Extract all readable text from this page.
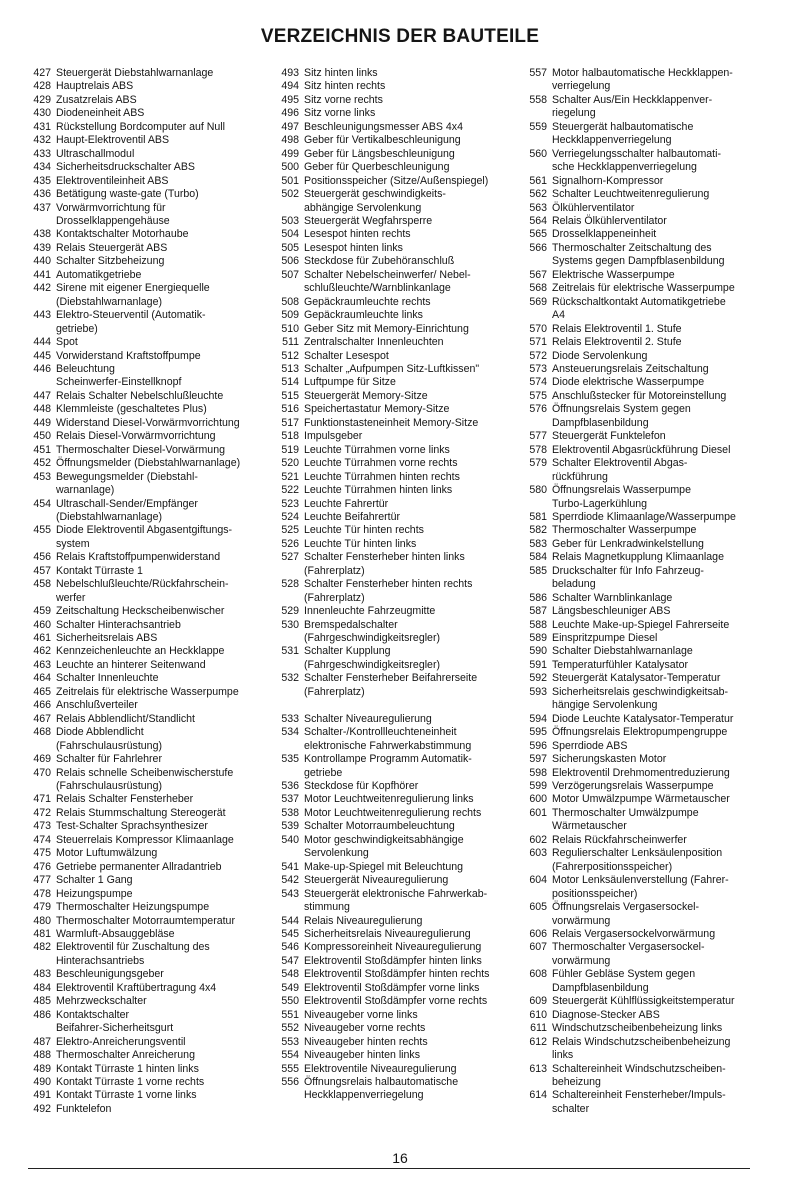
VERZEICHNIS DER BAUTEILE
427 Steuergerät Diebstahlwarnanlage
428 Hauptrelais ABS
429 Zusatzrelais ABS
430 Diodeneinheit ABS
431 Rückstellung Bordcomputer auf Null
432 Haupt-Elektroventil ABS
433 Ultraschallmodul
434 Sicherheitsdruckschalter ABS
435 Elektroventileinheit ABS
436 Betätigung waste-gate (Turbo)
437 Vorwärmvorrichtung für
Drosselklappengehäuse
438 Kontaktschalter Motorhaube
439 Relais Steuergerät ABS
440 Schalter Sitzbeheizung
441 Automatikgetriebe
442 Sirene mit eigener Energiequelle
(Diebstahlwarnanlage)
443 Elektro-Steuerventil (Automatik-
getriebe)
444 Spot
445 Vorwiderstand Kraftstoffpumpe
446 Beleuchtung
Scheinwerfer-Einstellknopf
447 Relais Schalter Nebelschlußleuchte
448 Klemmleiste (geschaltetes Plus)
449 Widerstand Diesel-Vorwärmvorrichtung
450 Relais Diesel-Vorwärmvorrichtung
451 Thermoschalter Diesel-Vorwärmung
452 Öffnungsmelder (Diebstahlwarnanlage)
453 Bewegungsmelder (Diebstahl-
warnanlage)
454 Ultraschall-Sender/Empfänger
(Diebstahlwarnanlage)
455 Diode Elektroventil Abgasentgiftungs-
system
456 Relais Kraftstoffpumpenwiderstand
457 Kontakt Türraste 1
458 Nebelschlußleuchte/Rückfahrschein-
werfer
459 Zeitschaltung Heckscheibenwischer
460 Schalter Hinterachsantrieb
461 Sicherheitsrelais ABS
462 Kennzeichenleuchte an Heckklappe
463 Leuchte an hinterer Seitenwand
464 Schalter Innenleuchte
465 Zeitrelais für elektrische Wasserpumpe
466 Anschlußverteiler
467 Relais Abblendlicht/Standlicht
468 Diode Abblendlicht
(Fahrschulausrüstung)
469 Schalter für Fahrlehrer
470 Relais schnelle Scheibenwischerstufe
(Fahrschulausrüstung)
471 Relais Schalter Fensterheber
472 Relais Stummschaltung Stereogerät
473 Test-Schalter Sprachsynthesizer
474 Steuerrelais Kompressor Klimaanlage
475 Motor Luftumwälzung
476 Getriebe permanenter Allradantrieb
477 Schalter 1 Gang
478 Heizungspumpe
479 Thermoschalter Heizungspumpe
480 Thermoschalter Motorraumtemperatur
481 Warmluft-Absauggebläse
482 Elektroventil für Zuschaltung des
Hinterachsantriebs
483 Beschleunigungsgeber
484 Elektroventil Kraftübertragung 4x4
485 Mehrzweckschalter
486 Kontaktschalter
Beifahrer-Sicherheitsgurt
487 Elektro-Anreicherungsventil
488 Thermoschalter Anreicherung
489 Kontakt Türraste 1 hinten links
490 Kontakt Türraste 1 vorne rechts
491 Kontakt Türraste 1 vorne links
492 Funktelefon
493 Sitz hinten links
494 Sitz hinten rechts
495 Sitz vorne rechts
496 Sitz vorne links
497 Beschleunigungsmesser ABS 4x4
498 Geber für Vertikalbeschleunigung
499 Geber für Längsbeschleunigung
500 Geber für Querbeschleunigung
501 Positionsspeicher (Sitze/Außenspiegel)
502 Steuergerät geschwindigkeits-
abhängige Servolenkung
503 Steuergerät Wegfahrsperre
504 Lesespot hinten rechts
505 Lesespot hinten links
506 Steckdose für Zubehöranschluß
507 Schalter Nebelscheinwerfer/ Nebel-
schlußleuchte/Warnblinkanlage
508 Gepäckraumleuchte rechts
509 Gepäckraumleuchte links
510 Geber Sitz mit Memory-Einrichtung
511 Zentralschalter Innenleuchten
512 Schalter Lesespot
513 Schalter „Aufpumpen Sitz-Luftkissen"
514 Luftpumpe für Sitze
515 Steuergerät Memory-Sitze
516 Speichertastatur Memory-Sitze
517 Funktionstasteneinheit Memory-Sitze
518 Impulsgeber
519 Leuchte Türrahmen vorne links
520 Leuchte Türrahmen vorne rechts
521 Leuchte Türrahmen hinten rechts
522 Leuchte Türrahmen hinten links
523 Leuchte Fahrertür
524 Leuchte Beifahrertür
525 Leuchte Tür hinten rechts
526 Leuchte Tür hinten links
527 Schalter Fensterheber hinten links
(Fahrerplatz)
528 Schalter Fensterheber hinten rechts
(Fahrerplatz)
529 Innenleuchte Fahrzeugmitte
530 Bremspedalschalter
(Fahrgeschwindigkeitsregler)
531 Schalter Kupplung
(Fahrgeschwindigkeitsregler)
532 Schalter Fensterheber Beifahrerseite
(Fahrerplatz)

533 Schalter Niveauregulierung
534 Schalter-/Kontrollleuchteneinheit
elektronische Fahrwerkabstimmung
535 Kontrollampe Programm Automatik-
getriebe
536 Steckdose für Kopfhörer
537 Motor Leuchtweitenregulierung links
538 Motor Leuchtweitenregulierung rechts
539 Schalter Motorraumbeleuchtung
540 Motor geschwindigkeitsabhängige
Servolenkung
541 Make-up-Spiegel mit Beleuchtung
542 Steuergerät Niveauregulierung
543 Steuergerät elektronische Fahrwerkab-
stimmung
544 Relais Niveauregulierung
545 Sicherheitsrelais Niveauregulierung
546 Kompressoreinheit Niveauregulierung
547 Elektroventil Stoßdämpfer hinten links
548 Elektroventil Stoßdämpfer hinten rechts
549 Elektroventil Stoßdämpfer vorne links
550 Elektroventil Stoßdämpfer vorne rechts
551 Niveaugeber vorne links
552 Niveaugeber vorne rechts
553 Niveaugeber hinten rechts
554 Niveaugeber hinten links
555 Elektroventile Niveauregulierung
556 Öffnungsrelais halbautomatische
Heckklappenverriegelung
557 Motor halbautomatische Heckklappen-
verriegelung
558 Schalter Aus/Ein Heckklappenver-
riegelung
559 Steuergerät halbautomatische
Heckklappenverriegelung
560 Verriegelungsschalter halbautomati-
sche Heckklappenverriegelung
561 Signalhorn-Kompressor
562 Schalter Leuchtweitenregulierung
563 Ölkühlerventilator
564 Relais Ölkühlerventilator
565 Drosselklappeneinheit
566 Thermoschalter Zeitschaltung des
Systems gegen Dampfblasenbildung
567 Elektrische Wasserpumpe
568 Zeitrelais für elektrische Wasserpumpe
569 Rückschaltkontakt Automatikgetriebe
A4
570 Relais Elektroventil 1. Stufe
571 Relais Elektroventil 2. Stufe
572 Diode Servolenkung
573 Ansteuerungsrelais Zeitschaltung
574 Diode elektrische Wasserpumpe
575 Anschlußstecker für Motoreinstellung
576 Öffnungsrelais System gegen
Dampfblasenbildung
577 Steuergerät Funktelefon
578 Elektroventil Abgasrückführung Diesel
579 Schalter Elektroventil Abgas-
rückführung
580 Öffnungsrelais Wasserpumpe
Turbo-Lagerkühlung
581 Sperrdiode Klimaanlage/Wasserpumpe
582 Thermoschalter Wasserpumpe
583 Geber für Lenkradwinkelstellung
584 Relais Magnetkupplung Klimaanlage
585 Druckschalter für Info Fahrzeug-
beladung
586 Schalter Warnblinkanlage
587 Längsbeschleuniger ABS
588 Leuchte Make-up-Spiegel Fahrerseite
589 Einspritzpumpe Diesel
590 Schalter Diebstahlwarnanlage
591 Temperaturfühler Katalysator
592 Steuergerät Katalysator-Temperatur
593 Sicherheitsrelais geschwindigkeitsab-
hängige Servolenkung
594 Diode Leuchte Katalysator-Temperatur
595 Öffnungsrelais Elektropumpengruppe
596 Sperrdiode ABS
597 Sicherungskasten Motor
598 Elektroventil Drehmomentreduzierung
599 Verzögerungsrelais Wasserpumpe
600 Motor Umwälzpumpe Wärmetauscher
601 Thermoschalter Umwälzpumpe
Wärmetauscher
602 Relais Rückfahrscheinwerfer
603 Regulierschalter Lenksäulenposition
(Fahrerpositionsspeicher)
604 Motor Lenksäulenverstellung (Fahrer-
positionsspeicher)
605 Öffnungsrelais Vergasersockel-
vorwärmung
606 Relais Vergasersockelvorwärmung
607 Thermoschalter Vergasersockel-
vorwärmung
608 Fühler Gebläse System gegen
Dampfblasenbildung
609 Steuergerät Kühlflüssigkeitstemperatur
610 Diagnose-Stecker ABS
611 Windschutzscheibenbeheizung links
612 Relais Windschutzscheibenbeheizung
links
613 Schaltereinheit Windschutzscheiben-
beheizung
614 Schaltereinheit Fensterheber/Impuls-
schalter
16
